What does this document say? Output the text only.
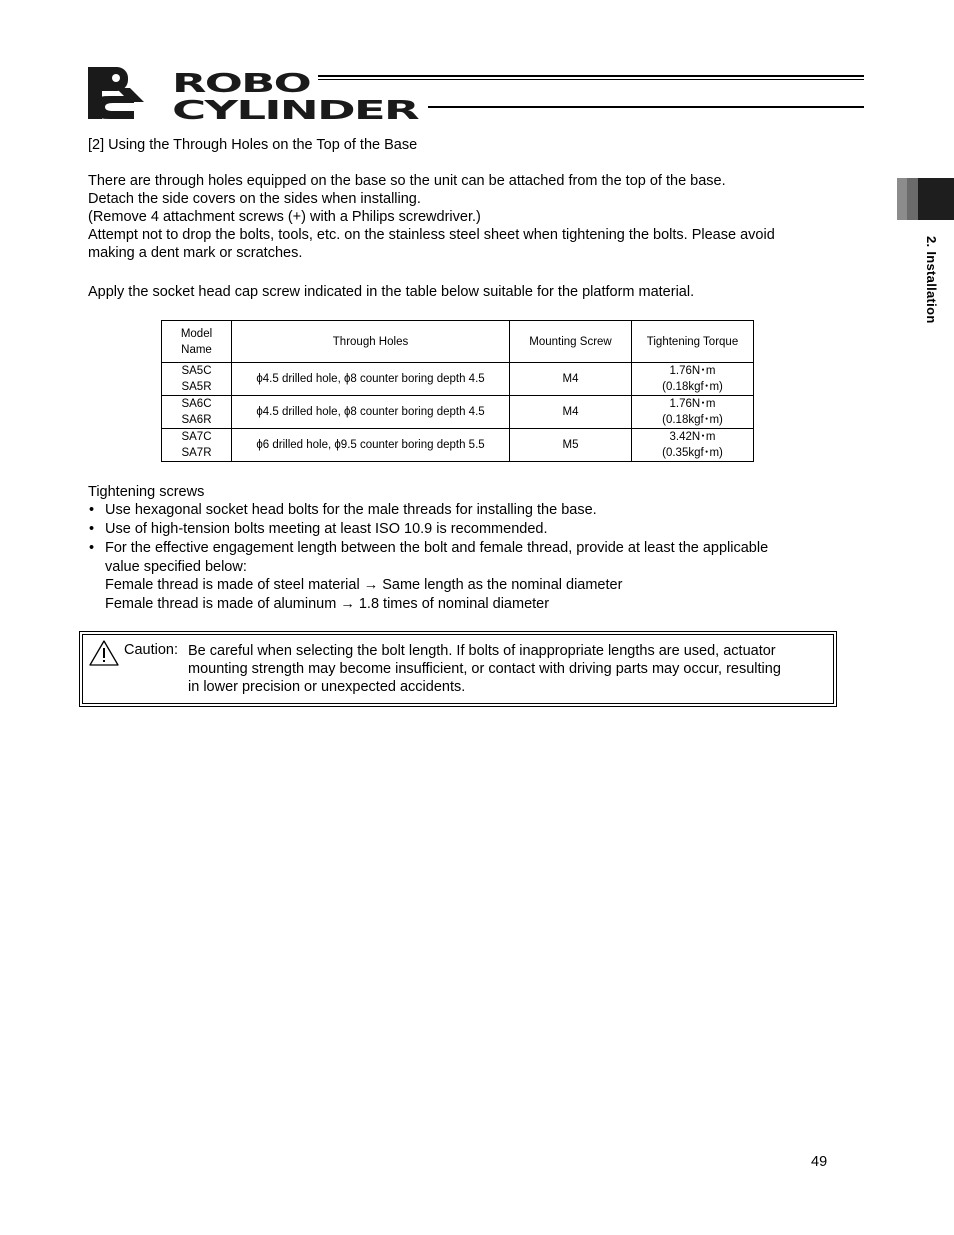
ROBO
CYLINDER
2. Installation
[2] Using the Through Holes on the Top of the Base
There are through holes equipped on the base so the unit can be attached from the top of the base.
Detach the side covers on the sides when installing.
(Remove 4 attachment screws (+) with a Philips screwdriver.)
Attempt not to drop the bolts, tools, etc. on the stainless steel sheet when tightening the bolts. Please avoid
making a dent mark or scratches.
Apply the socket head cap screw indicated in the table below suitable for the platform material.
Model
Name	Through Holes	Mounting Screw	Tightening Torque

SA5C
SA5R	ϕ4.5 drilled hole, ϕ8 counter boring depth 4.5	M4	1.76N･m
(0.18kgf･m)

SA6C
SA6R	ϕ4.5 drilled hole, ϕ8 counter boring depth 4.5	M4	1.76N･m
(0.18kgf･m)

SA7C
SA7R	ϕ6 drilled hole, ϕ9.5 counter boring depth 5.5	M5	3.42N･m
(0.35kgf･m)
Tightening screws
• Use hexagonal socket head bolts for the male threads for installing the base.
• Use of high-tension bolts meeting at least ISO 10.9 is recommended.
• For the effective engagement length between the bolt and female thread, provide at least the applicable
value specified below:
Female thread is made of steel material → Same length as the nominal diameter
Female thread is made of aluminum → 1.8 times of nominal diameter
Caution: Be careful when selecting the bolt length. If bolts of inappropriate lengths are used, actuator
mounting strength may become insufficient, or contact with driving parts may occur, resulting
in lower precision or unexpected accidents.
49
